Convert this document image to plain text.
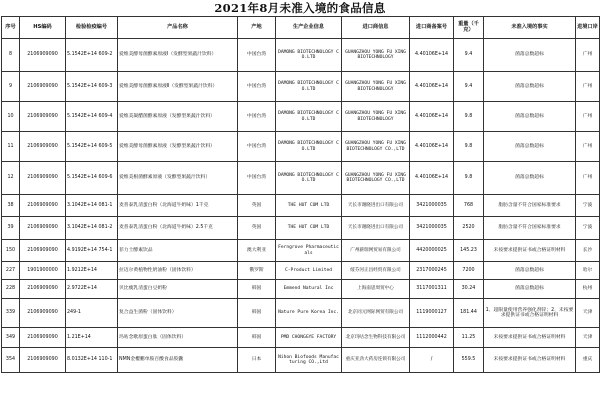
2021年8月未准入境的食品信息
序号	HS编码	检验检疫编号	产品名称	产地	生产企业信息	进口商信息	进口商备案号	重量（千克）	未准入境的事实	进境口岸
8	2106909090	5.1542E+14 609-2	爱维美酵母菌酵素原液Ⅰ（发酵型果蔬汁饮料）	中国台湾	DAMONG BIOTECHNOLOGY CO.LTD	GUANGZHOU YONG FU XING BIOTECHNOLOGY	4.40106E+14	9.4	菌落总数超标	广州
9	2106909090	5.1542E+14 609-3	爱维美酵母菌酵素原液Ⅱ（发酵型果蔬汁饮料）	中国台湾	DAMONG BIOTECHNOLOGY CO.LTD	GUANGZHOU YONG FU XING BIOTECHNOLOGY	4.40106E+14	9.4	菌落总数超标	广州
10	2106909090	5.1542E+14 609-4	爱维美凝醋菌酵素原液（发酵型果蔬汁饮料）	中国台湾	DAMONG BIOTECHNOLOGY CO.LTD	GUANGZHOU YONG FU XING BIOTECHNOLOGY	4.40106E+14	9.8	菌落总数超标	广州
11	2106909090	5.1542E+14 609-5	爱维美酵母菌酵素原液（发酵型果蔬汁饮料）	中国台湾	DAMONG BIOTECHNOLOGY CO.LTD	GUANGZHOU YONG FU XING BIOTECHNOLOGY CO.,LTD	4.40106E+14	9.8	菌落总数超标	广州
12	2106909090	5.1542E+14 609-6	爱维美根菌酵素原液（发酵型果蔬汁饮料）	中国台湾	DAMONG BIOTECHNOLOGY CO.LTD	GUANGZHOU YONG FU XING BIOTECHNOLOGY CO.,LTD	4.40106E+14	9.8	菌落总数超标	广州
38	2106909090	3.1042E+14 081-1	麦普泰乳清蛋白粉（北海道牛奶味）1千克	英国	THE HUT COM LTD	天长市谢晓进出口有限公司	3421000035	768	脂肪含量不符合国家标准要求	宁波
39	2106909090	3.1042E+14 081-2	麦普泰乳清蛋白粉（北海道牛奶味）2.5千克	英国	THE HUT COM LTD	天长市谢晓进出口有限公司	3421000035	2520	脂肪含量不符合国家标准要求	宁波
150	2106909090	4.9192E+14 754-1	菲力士酵素饮品	澳大利亚	Ferngrove Pharmaceuticals	广州薪瑞网贸易有限公司	4420000025	145.23	未按要求提供证书或合格证明材料	长沙
227	1901900000	1.9212E+14	拉迈尔黄植物性奶油粉（固体饮料）	俄罗斯	C-Product Limited	绥芬河正昌经贸有限公司	2317000245	7200	菌落总数超标	哈尔
228	2106909090	2.9722E+14	贝比瘦乳清蛋白豆奶粉	韩国	Emmend Natural Inc	上海南思周贸中心	3117001311	30.24	菌落总数超标	杭州
339	2106909090	249-1	复合益生菌粉（固体饮料）	韩国	Nature Pure Korea Inc.	北京同元网际网贸有限公司	1119000127	181.44	1、超限量使用营养强化剂锌；2、未按要求提供证书或合格证明材料	天津
349	2106909090	1.21E+14	玛咕念歌原蛋白肽（固体饮料）	韩国	PMD CHONGGYE FACTORY	北京玛咕念生物科技有限公司	1112000442	11.25	未按要求提供证书或合格证明材料	天津
354	2106909090	8.0132E+14 110-1	NMN金櫻鹏单胺百酸食品胶囊	日本	Nihon Biofoods Manufacturing CO.,Ltd	重庆亚劲大药房连锁有限公司	/	559.5	未按要求提供证书或合格证明材料	重庆
